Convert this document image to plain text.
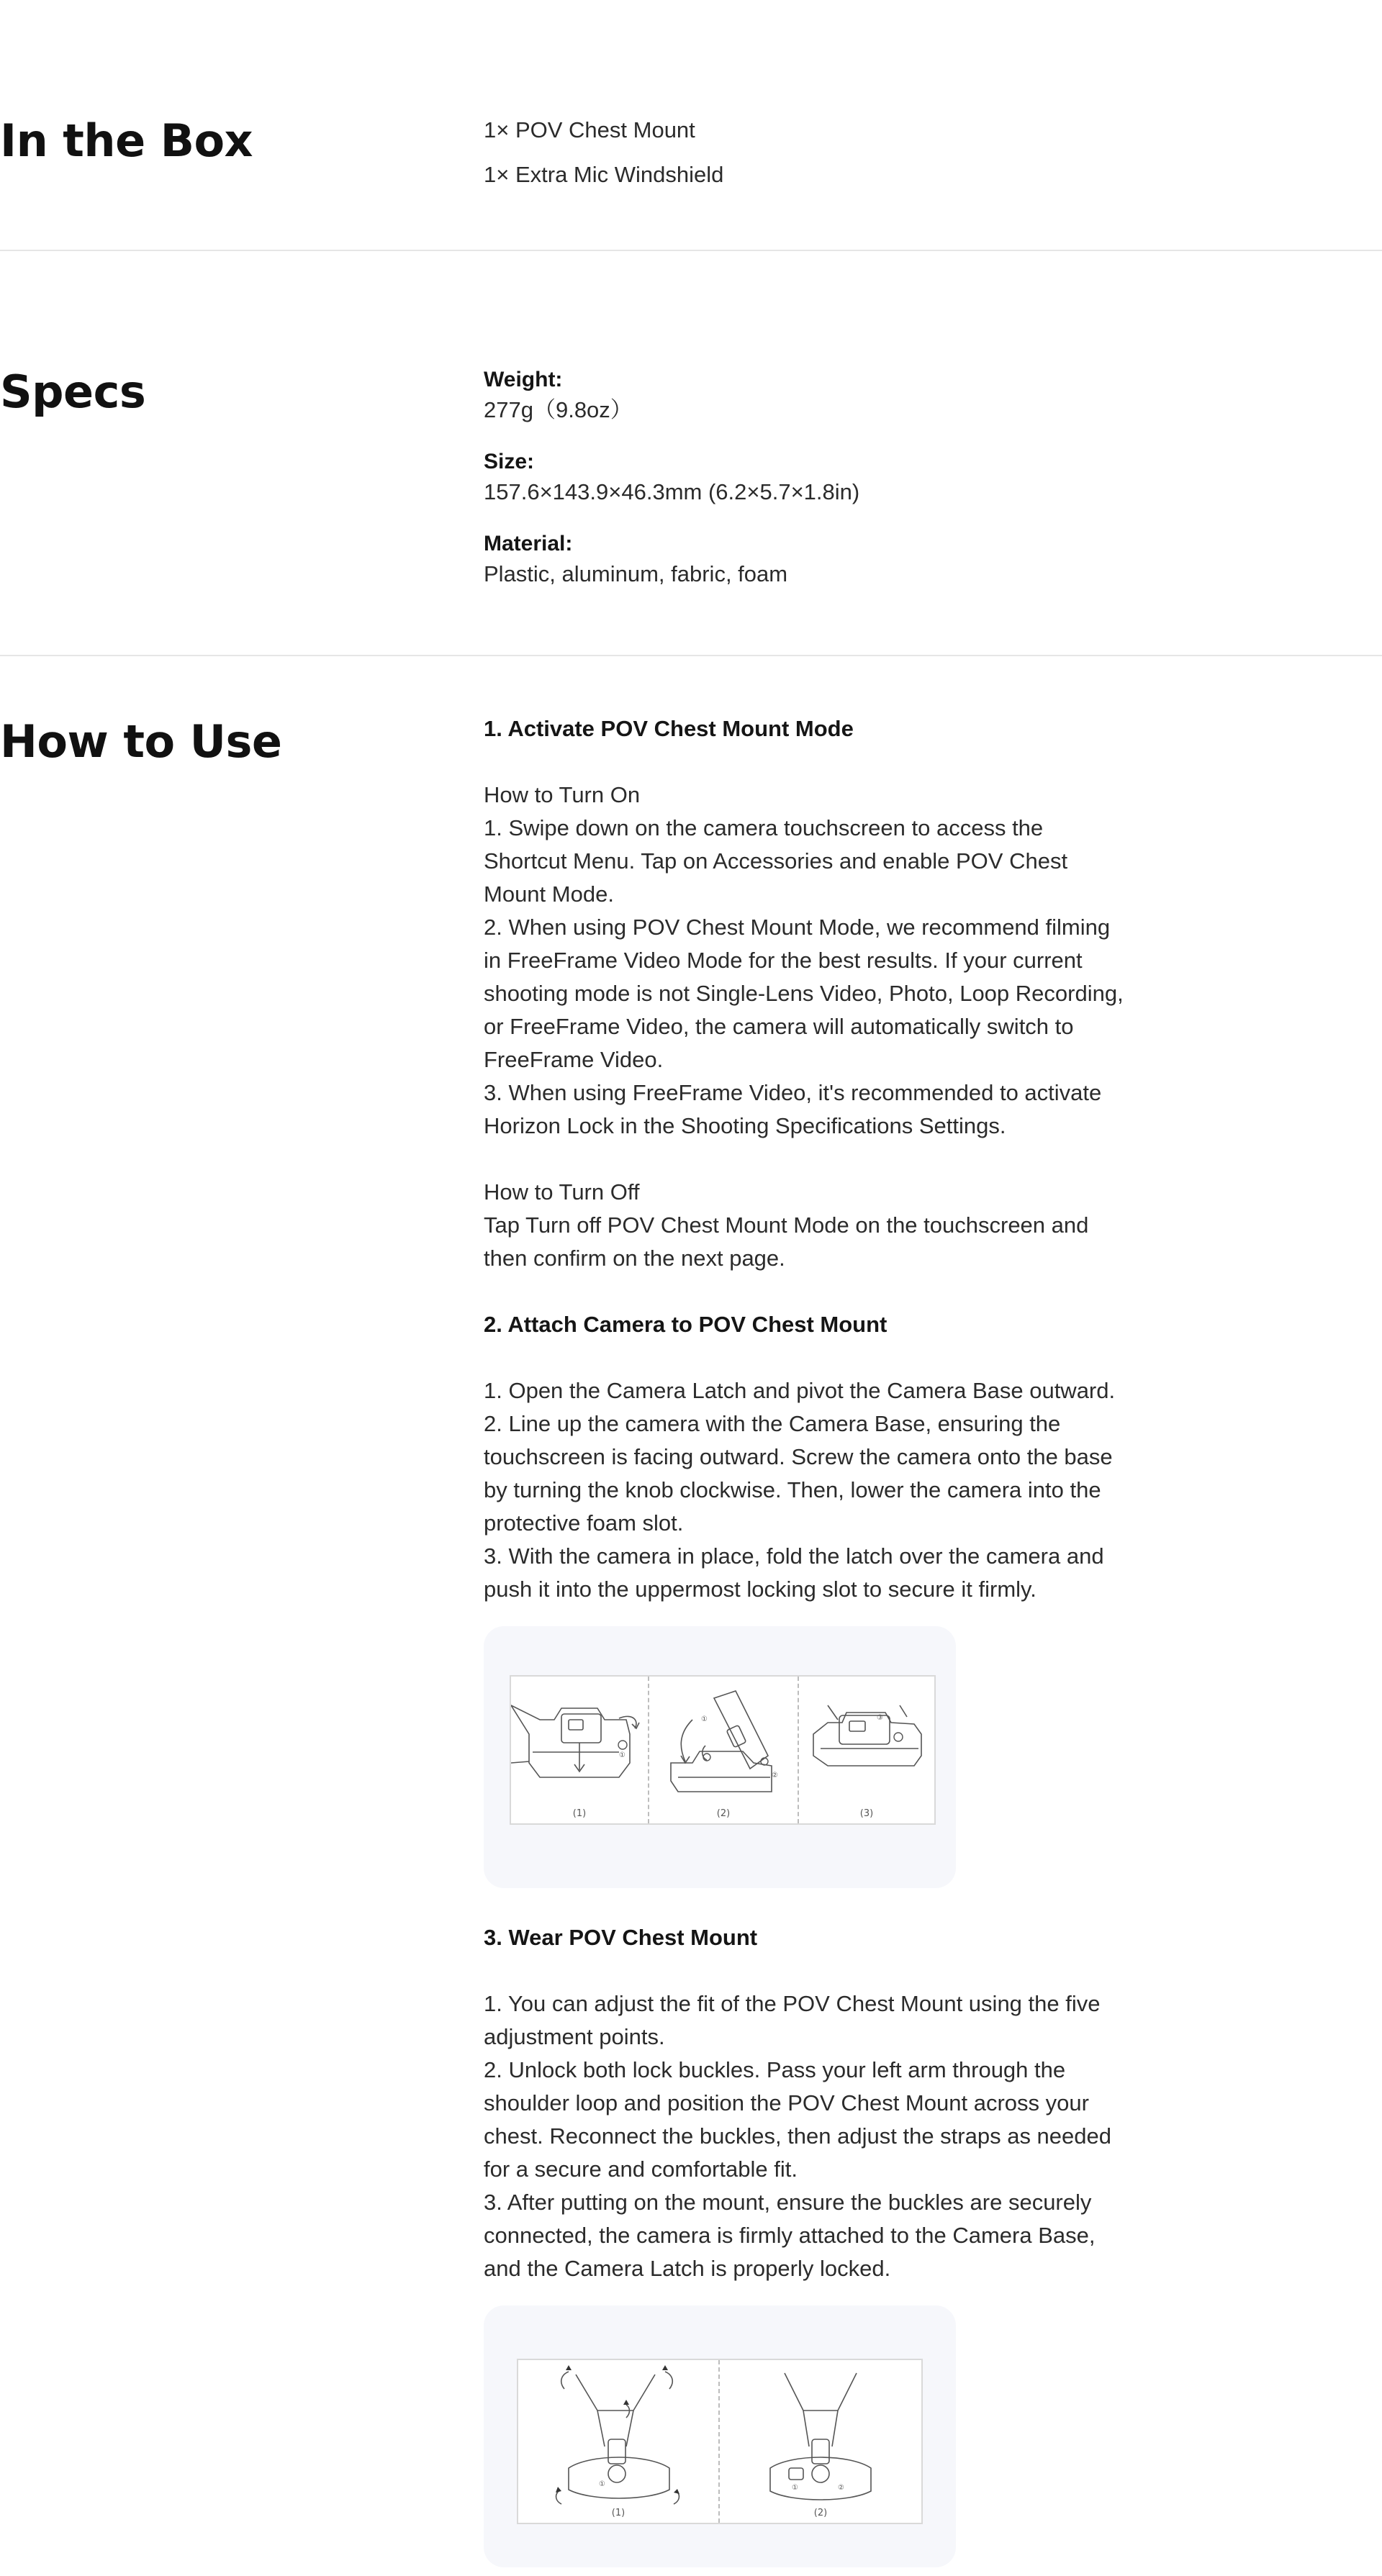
In the Box	1× POV Chest Mount

1× Extra Mic Windshield

Specs	Weight:

277g（9.8oz）

Size:

157.6×143.9×46.3mm (6.2×5.7×1.8in)

Material:

Plastic, aluminum, fabric, foam

How to Use	1. Activate POV Chest Mount Mode

How to Turn On

1. Swipe down on the camera touchscreen to access the
Shortcut Menu. Tap on Accessories and enable POV Chest
Mount Mode.
2. When using POV Chest Mount Mode, we recommend filming
in FreeFrame Video Mode for the best results. If your current
shooting mode is not Single-Lens Video, Photo, Loop Recording,
or FreeFrame Video, the camera will automatically switch to
FreeFrame Video.
3. When using FreeFrame Video, it's recommended to activate
Horizon Lock in the Shooting Specifications Settings.

How to Turn Off

Tap Turn off POV Chest Mount Mode on the touchscreen and
then confirm on the next page.

2. Attach Camera to POV Chest Mount

1. Open the Camera Latch and pivot the Camera Base outward.
2. Line up the camera with the Camera Base, ensuring the
touchscreen is facing outward. Screw the camera onto the base
by turning the knob clockwise. Then, lower the camera into the
protective foam slot.
3. With the camera in place, fold the latch over the camera and
push it into the uppermost locking slot to secure it firmly.

①
(1)
①
②
(2)
③
(3)

3. Wear POV Chest Mount

1. You can adjust the fit of the POV Chest Mount using the five
adjustment points.
2. Unlock both lock buckles. Pass your left arm through the
shoulder loop and position the POV Chest Mount across your
chest. Reconnect the buckles, then adjust the straps as needed
for a secure and comfortable fit.
3. After putting on the mount, ensure the buckles are securely
connected, the camera is firmly attached to the Camera Base,
and the Camera Latch is properly locked.

①
(1)
①	②
(2)
